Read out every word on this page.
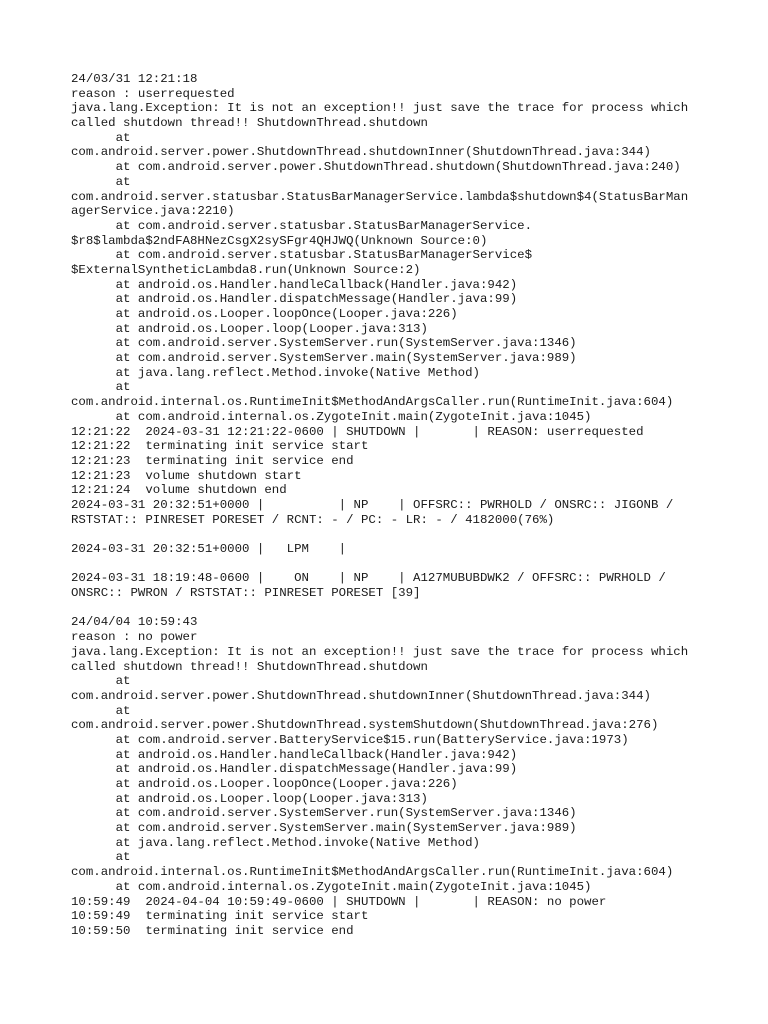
24/03/31 12:21:18
reason : userrequested
java.lang.Exception: It is not an exception!! just save the trace for process which
called shutdown thread!! ShutdownThread.shutdown
at
com.android.server.power.ShutdownThread.shutdownInner(ShutdownThread.java:344)
at com.android.server.power.ShutdownThread.shutdown(ShutdownThread.java:240)
at
com.android.server.statusbar.StatusBarManagerService.lambda$shutdown$4(StatusBarMan
agerService.java:2210)
at com.android.server.statusbar.StatusBarManagerService.
$r8$lambda$2ndFA8HNezCsgX2sySFgr4QHJWQ(Unknown Source:0)
at com.android.server.statusbar.StatusBarManagerService$
$ExternalSyntheticLambda8.run(Unknown Source:2)
at android.os.Handler.handleCallback(Handler.java:942)
at android.os.Handler.dispatchMessage(Handler.java:99)
at android.os.Looper.loopOnce(Looper.java:226)
at android.os.Looper.loop(Looper.java:313)
at com.android.server.SystemServer.run(SystemServer.java:1346)
at com.android.server.SystemServer.main(SystemServer.java:989)
at java.lang.reflect.Method.invoke(Native Method)
at
com.android.internal.os.RuntimeInit$MethodAndArgsCaller.run(RuntimeInit.java:604)
at com.android.internal.os.ZygoteInit.main(ZygoteInit.java:1045)
12:21:22  2024-03-31 12:21:22-0600 | SHUTDOWN |       | REASON: userrequested
12:21:22  terminating init service start
12:21:23  terminating init service end
12:21:23  volume shutdown start
12:21:24  volume shutdown end
2024-03-31 20:32:51+0000 |          | NP    | OFFSRC:: PWRHOLD / ONSRC:: JIGONB /
RSTSTAT:: PINRESET PORESET / RCNT: - / PC: - LR: - / 4182000(76%)
2024-03-31 20:32:51+0000 |   LPM    |
2024-03-31 18:19:48-0600 |    ON    | NP    | A127MUBUBDWK2 / OFFSRC:: PWRHOLD /
ONSRC:: PWRON / RSTSTAT:: PINRESET PORESET [39]
24/04/04 10:59:43
reason : no power
java.lang.Exception: It is not an exception!! just save the trace for process which
called shutdown thread!! ShutdownThread.shutdown
at
com.android.server.power.ShutdownThread.shutdownInner(ShutdownThread.java:344)
at
com.android.server.power.ShutdownThread.systemShutdown(ShutdownThread.java:276)
at com.android.server.BatteryService$15.run(BatteryService.java:1973)
at android.os.Handler.handleCallback(Handler.java:942)
at android.os.Handler.dispatchMessage(Handler.java:99)
at android.os.Looper.loopOnce(Looper.java:226)
at android.os.Looper.loop(Looper.java:313)
at com.android.server.SystemServer.run(SystemServer.java:1346)
at com.android.server.SystemServer.main(SystemServer.java:989)
at java.lang.reflect.Method.invoke(Native Method)
at
com.android.internal.os.RuntimeInit$MethodAndArgsCaller.run(RuntimeInit.java:604)
at com.android.internal.os.ZygoteInit.main(ZygoteInit.java:1045)
10:59:49  2024-04-04 10:59:49-0600 | SHUTDOWN |       | REASON: no power
10:59:49  terminating init service start
10:59:50  terminating init service end
